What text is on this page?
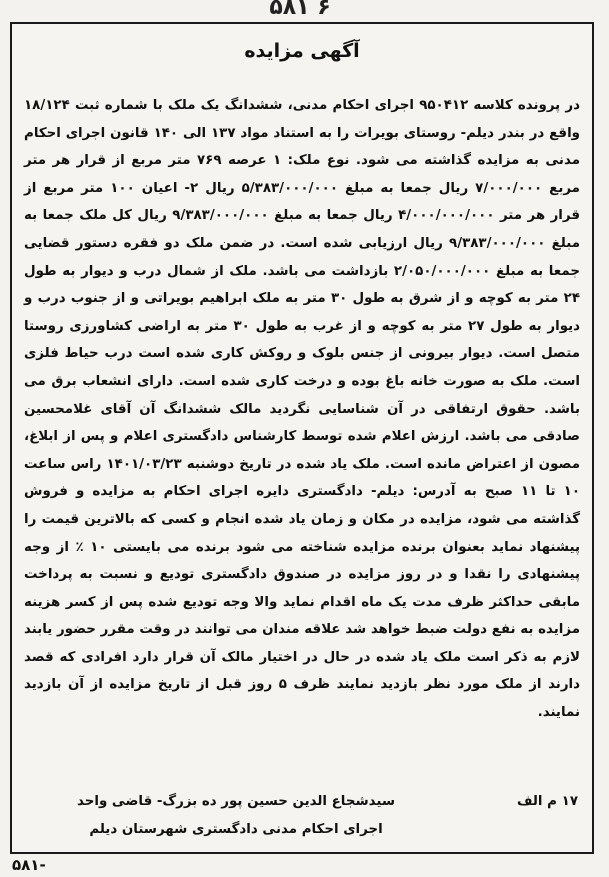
۵۸۱ ۶
آگهی مزایده

در پرونده کلاسه ۹۵۰۴۱۲ اجرای احکام مدنی، ششدانگ یک ملک با شماره ثبت ۱۸/۱۲۴ واقع در بندر دیلم- روستای بویرات را به استناد مواد ۱۳۷ الی ۱۴۰ قانون اجرای احکام مدنی به مزایده گذاشته می شود. نوع ملک: ۱ عرصه ۷۶۹ متر مربع از قرار هر متر مربع ۷/۰۰۰/۰۰۰ ریال جمعا به مبلغ ۵/۳۸۳/۰۰۰/۰۰۰ ریال ۲- اعیان ۱۰۰ متر مربع از قرار هر متر ۴/۰۰۰/۰۰۰/۰۰۰ ریال جمعا به مبلغ ۹/۳۸۳/۰۰۰/۰۰۰ ریال کل ملک جمعا به مبلغ ۹/۳۸۳/۰۰۰/۰۰۰ ریال ارزیابی شده است. در ضمن ملک دو فقره دستور قضایی جمعا به مبلغ ۲/۰۵۰/۰۰۰/۰۰۰ بازداشت می باشد. ملک از شمال درب و دیوار به طول ۲۴ متر به کوچه و از شرق به طول ۳۰ متر به ملک ابراهیم بویراتی و از جنوب درب و دیوار به طول ۲۷ متر به کوچه و از غرب به طول ۳۰ متر به اراضی کشاورزی روستا متصل است. دیوار بیرونی از جنس بلوک و روکش کاری شده است درب حیاط فلزی است. ملک به صورت خانه باغ بوده و درخت کاری شده است. دارای انشعاب برق می باشد. حقوق ارتفاقی در آن شناسایی نگردید مالک ششدانگ آن آقای غلامحسین صادقی می باشد. ارزش اعلام شده توسط کارشناس دادگستری اعلام و پس از ابلاغ، مصون از اعتراض مانده است. ملک یاد شده در تاریخ دوشنبه ۱۴۰۱/۰۳/۲۳ راس ساعت ۱۰ تا ۱۱ صبح به آدرس: دیلم- دادگستری دایره اجرای احکام به مزایده و فروش گذاشته می شود، مزایده در مکان و زمان یاد شده انجام و کسی که بالاترین قیمت را پیشنهاد نماید بعنوان برنده مزایده شناخته می شود برنده می بایستی ۱۰ ٪ از وجه پیشنهادی را نقدا و در روز مزایده در صندوق دادگستری تودیع و نسبت به پرداخت مابقی حداکثر ظرف مدت یک ماه اقدام نماید والا وجه تودیع شده پس از کسر هزینه مزایده به نفع دولت ضبط خواهد شد علاقه مندان می توانند در وقت مقرر حضور یابند لازم به ذکر است ملک یاد شده در حال در اختیار مالک آن قرار دارد افرادی که قصد دارند از ملک مورد نظر بازدید نمایند ظرف ۵ روز قبل از تاریخ مزایده از آن بازدید نمایند.

۱۷ م الف
سیدشجاع الدین حسین پور ده بزرگ- قاضی واحد
اجرای احکام مدنی دادگستری شهرستان دیلم
۵۸۱-
